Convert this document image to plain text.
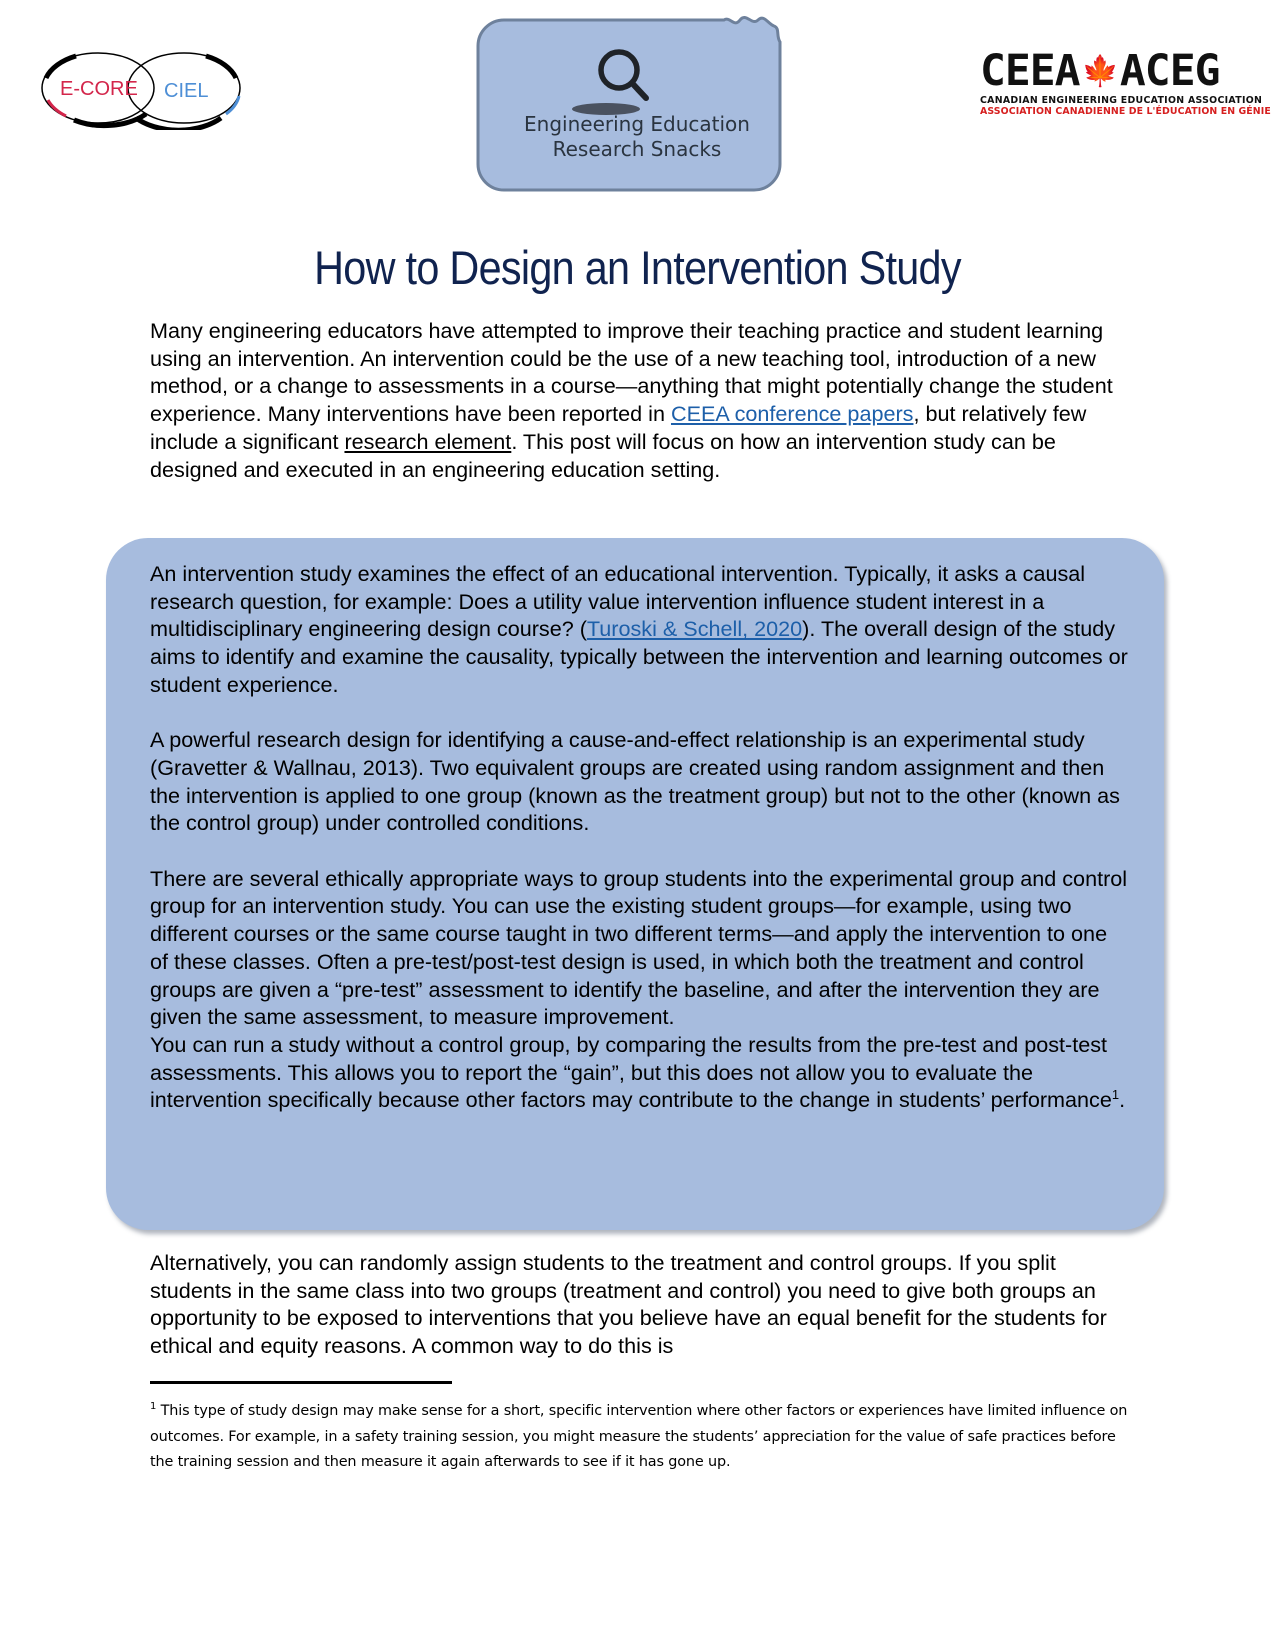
E-CORE CIEL
Engineering Education
Research Snacks
CEEA 🍁 ACEG
CANADIAN ENGINEERING EDUCATION ASSOCIATION
ASSOCIATION CANADIENNE DE L'ÉDUCATION EN GÉNIE
How to Design an Intervention Study
Many engineering educators have attempted to improve their teaching practice and student learning using an intervention. An intervention could be the use of a new teaching tool, introduction of a new method, or a change to assessments in a course—anything that might potentially change the student experience. Many interventions have been reported in CEEA conference papers, but relatively few include a significant research element. This post will focus on how an intervention study can be designed and executed in an engineering education setting.

An intervention study examines the effect of an educational intervention. Typically, it asks a causal research question, for example: Does a utility value intervention influence student interest in a multidisciplinary engineering design course? (Turoski & Schell, 2020). The overall design of the study aims to identify and examine the causality, typically between the intervention and learning outcomes or student experience.

A powerful research design for identifying a cause-and-effect relationship is an experimental study (Gravetter & Wallnau, 2013). Two equivalent groups are created using random assignment and then the intervention is applied to one group (known as the treatment group) but not to the other (known as the control group) under controlled conditions.

There are several ethically appropriate ways to group students into the experimental group and control group for an intervention study. You can use the existing student groups—for example, using two different courses or the same course taught in two different terms—and apply the intervention to one of these classes. Often a pre-test/post-test design is used, in which both the treatment and control groups are given a “pre-test” assessment to identify the baseline, and after the intervention they are given the same assessment, to measure improvement.

You can run a study without a control group, by comparing the results from the pre-test and post-test assessments. This allows you to report the “gain”, but this does not allow you to evaluate the intervention specifically because other factors may contribute to the change in students’ performance$^1$.

Alternatively, you can randomly assign students to the treatment and control groups. If you split students in the same class into two groups (treatment and control) you need to give both groups an opportunity to be exposed to interventions that you believe have an equal benefit for the students for ethical and equity reasons. A common way to do this is
$^1$ This type of study design may make sense for a short, specific intervention where other factors or experiences have limited influence on outcomes. For example, in a safety training session, you might measure the students’ appreciation for the value of safe practices before the training session and then measure it again afterwards to see if it has gone up.
